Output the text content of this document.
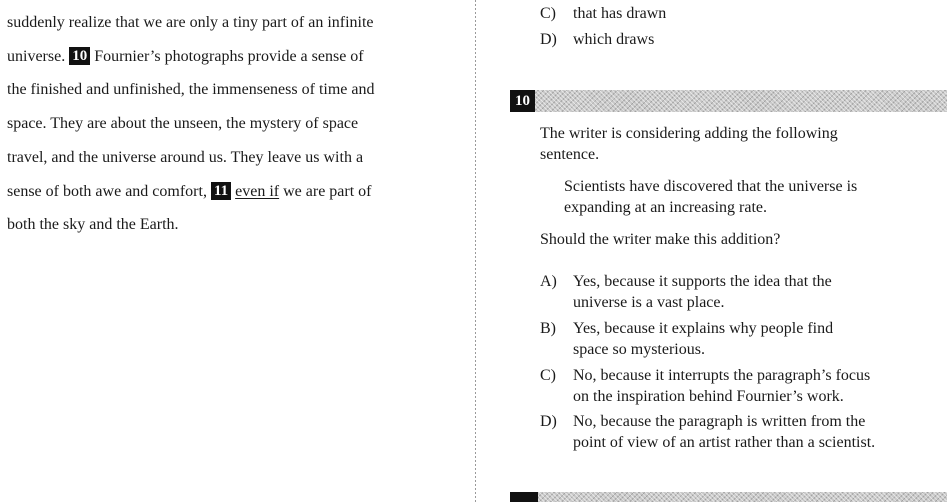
suddenly realize that we are only a tiny part of an infinite
universe. 10 Fournier’s photographs provide a sense of
the finished and unfinished, the immenseness of time and
space. They are about the unseen, the mystery of space
travel, and the universe around us. They leave us with a
sense of both awe and comfort, 11 even if we are part of
both the sky and the Earth.
C) that has drawn
D) which draws
10
The writer is considering adding the following
sentence.
Scientists have discovered that the universe is
expanding at an increasing rate.
Should the writer make this addition?
A) Yes, because it supports the idea that the
universe is a vast place.
B) Yes, because it explains why people find
space so mysterious.
C) No, because it interrupts the paragraph’s focus
on the inspiration behind Fournier’s work.
D) No, because the paragraph is written from the
point of view of an artist rather than a scientist.
